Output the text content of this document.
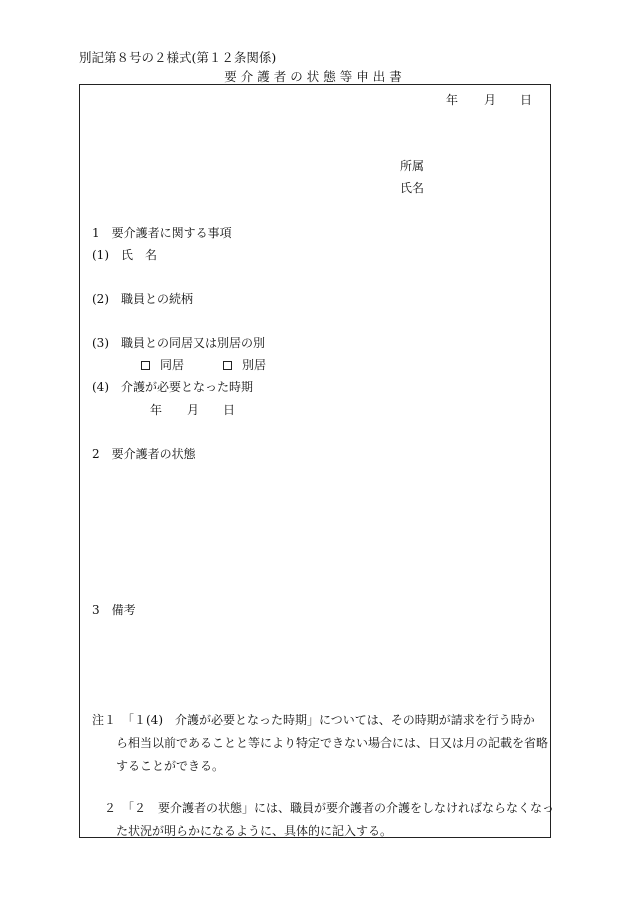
別記第８号の２様式(第１２条関係)
要介護者の状態等申出書
年 月 日
所属
氏名
1　要介護者に関する事項
(1)　氏　名
(2)　職員との続柄
(3)　職員との同居又は別居の別
同居	別居
(4)　介護が必要となった時期
年 月 日
2　要介護者の状態
3　備考
注１　「１(4)　介護が必要となった時期」については、その時期が請求を行う時か
ら相当以前であることと等により特定できない場合には、日又は月の記載を省略
することができる。
２　「２　要介護者の状態」には、職員が要介護者の介護をしなければならなくなっ
た状況が明らかになるように、具体的に記入する。
